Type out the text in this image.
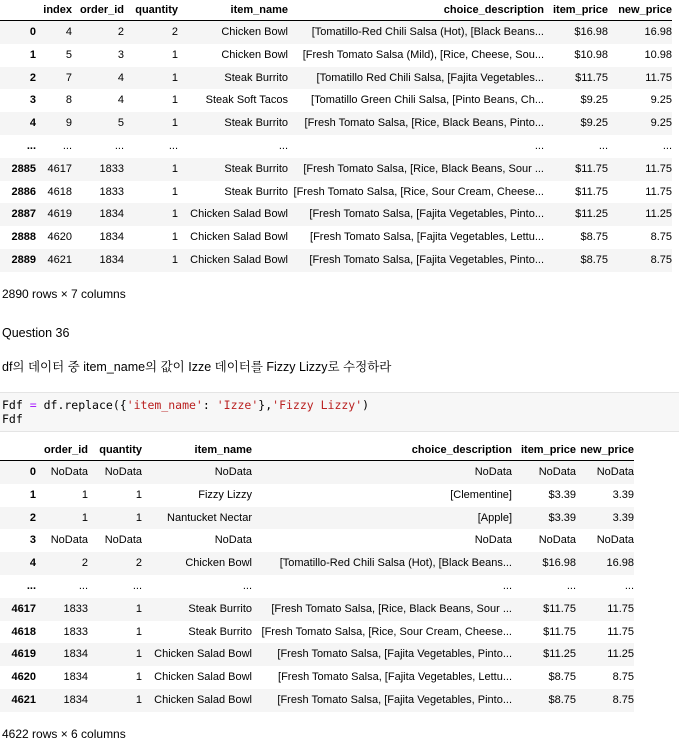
	index	order_id	quantity	item_name	choice_description	item_price	new_price
0	4	2	2	Chicken Bowl	[Tomatillo-Red Chili Salsa (Hot), [Black Beans...	$16.98	16.98
1	5	3	1	Chicken Bowl	[Fresh Tomato Salsa (Mild), [Rice, Cheese, Sou...	$10.98	10.98
2	7	4	1	Steak Burrito	[Tomatillo Red Chili Salsa, [Fajita Vegetables...	$11.75	11.75
3	8	4	1	Steak Soft Tacos	[Tomatillo Green Chili Salsa, [Pinto Beans, Ch...	$9.25	9.25
4	9	5	1	Steak Burrito	[Fresh Tomato Salsa, [Rice, Black Beans, Pinto...	$9.25	9.25
...	...	...	...	...	...	...	...
2885	4617	1833	1	Steak Burrito	[Fresh Tomato Salsa, [Rice, Black Beans, Sour ...	$11.75	11.75
2886	4618	1833	1	Steak Burrito	[Fresh Tomato Salsa, [Rice, Sour Cream, Cheese...	$11.75	11.75
2887	4619	1834	1	Chicken Salad Bowl	[Fresh Tomato Salsa, [Fajita Vegetables, Pinto...	$11.25	11.25
2888	4620	1834	1	Chicken Salad Bowl	[Fresh Tomato Salsa, [Fajita Vegetables, Lettu...	$8.75	8.75
2889	4621	1834	1	Chicken Salad Bowl	[Fresh Tomato Salsa, [Fajita Vegetables, Pinto...	$8.75	8.75
2890 rows × 7 columns
Question 36
df의 데이터 중 item_name의 값이 Izze 데이터를 Fizzy Lizzy로 수정하라
Fdf = df.replace({'item_name': 'Izze'},'Fizzy Lizzy')
Fdf
	order_id	quantity	item_name	choice_description	item_price	new_price
0	NoData	NoData	NoData	NoData	NoData	NoData
1	1	1	Fizzy Lizzy	[Clementine]	$3.39	3.39
2	1	1	Nantucket Nectar	[Apple]	$3.39	3.39
3	NoData	NoData	NoData	NoData	NoData	NoData
4	2	2	Chicken Bowl	[Tomatillo-Red Chili Salsa (Hot), [Black Beans...	$16.98	16.98
...	...	...	...	...	...	...
4617	1833	1	Steak Burrito	[Fresh Tomato Salsa, [Rice, Black Beans, Sour ...	$11.75	11.75
4618	1833	1	Steak Burrito	[Fresh Tomato Salsa, [Rice, Sour Cream, Cheese...	$11.75	11.75
4619	1834	1	Chicken Salad Bowl	[Fresh Tomato Salsa, [Fajita Vegetables, Pinto...	$11.25	11.25
4620	1834	1	Chicken Salad Bowl	[Fresh Tomato Salsa, [Fajita Vegetables, Lettu...	$8.75	8.75
4621	1834	1	Chicken Salad Bowl	[Fresh Tomato Salsa, [Fajita Vegetables, Pinto...	$8.75	8.75
4622 rows × 6 columns
